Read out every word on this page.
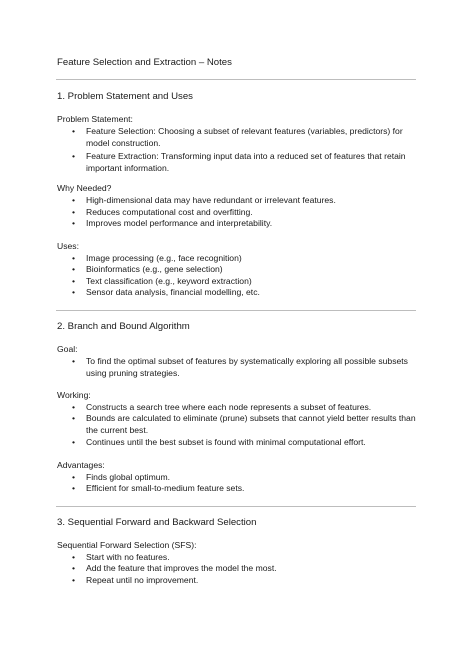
Feature Selection and Extraction – Notes
1. Problem Statement and Uses
Problem Statement:
•	Feature Selection: Choosing a subset of relevant features (variables, predictors) for model construction.
•	Feature Extraction: Transforming input data into a reduced set of features that retain important information.
Why Needed?
•	High-dimensional data may have redundant or irrelevant features.
•	Reduces computational cost and overfitting.
•	Improves model performance and interpretability.
Uses:
•	Image processing (e.g., face recognition)
•	Bioinformatics (e.g., gene selection)
•	Text classification (e.g., keyword extraction)
•	Sensor data analysis, financial modelling, etc.
2. Branch and Bound Algorithm
Goal:
•	To find the optimal subset of features by systematically exploring all possible subsets using pruning strategies.
Working:
•	Constructs a search tree where each node represents a subset of features.
•	Bounds are calculated to eliminate (prune) subsets that cannot yield better results than the current best.
•	Continues until the best subset is found with minimal computational effort.
Advantages:
•	Finds global optimum.
•	Efficient for small-to-medium feature sets.
3. Sequential Forward and Backward Selection
Sequential Forward Selection (SFS):
•	Start with no features.
•	Add the feature that improves the model the most.
•	Repeat until no improvement.
